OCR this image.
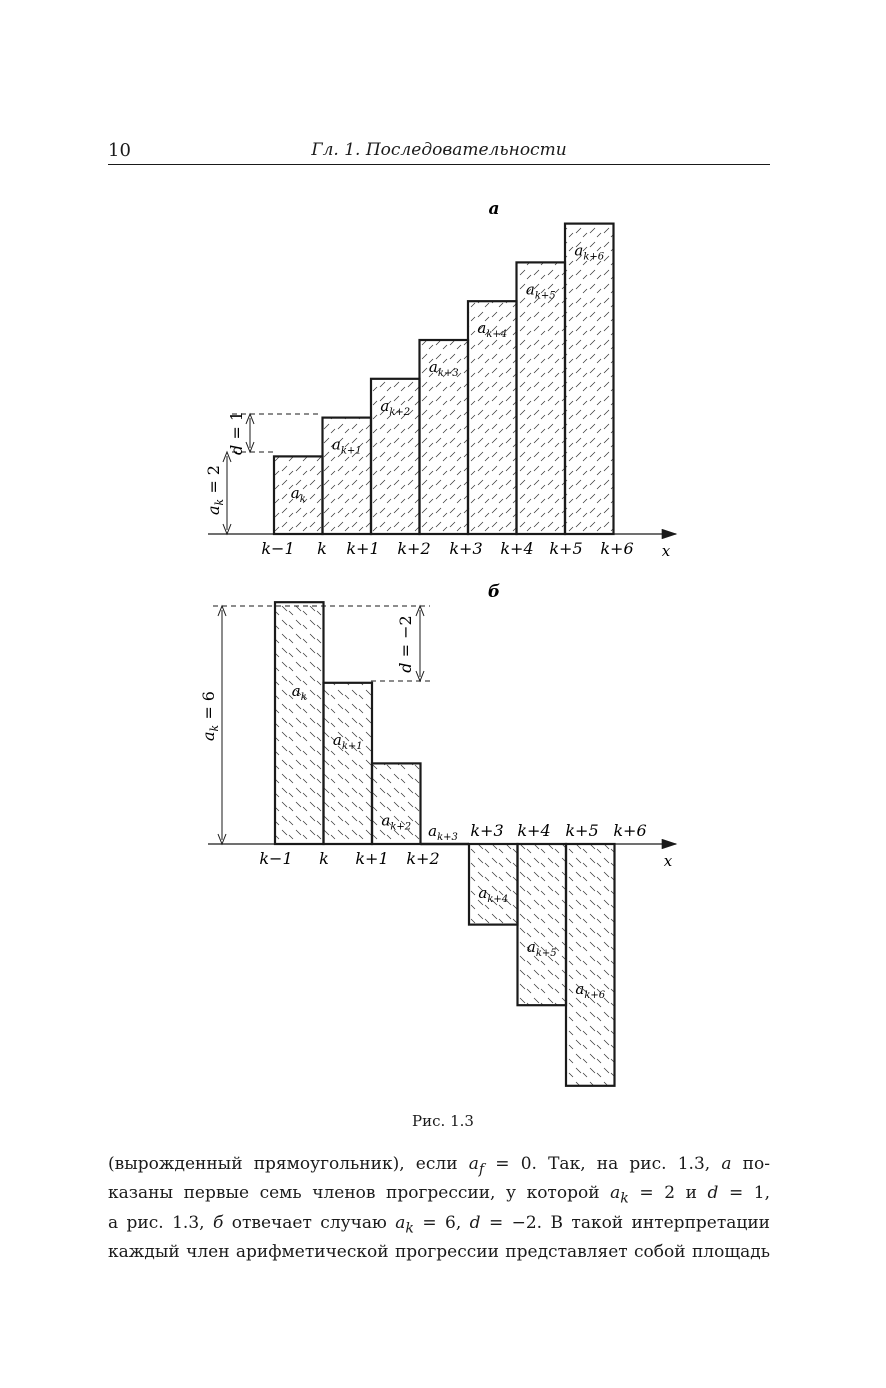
10	Гл. 1. Последовательности
а
$a_k$
$a_{k+1}$
$a_{k+2}$
$a_{k+3}$
$a_{k+4}$
$a_{k+5}$
$a_{k+6}$
k−1 k k+1 k+2 k+3 k+4 k+5 k+6 x
$a_k = 2$
d = 1
б
$a_k$
$a_{k+1}$
$a_{k+2}$ $a_{k+3}$
$a_{k+4}$
$a_{k+5}$
$a_{k+6}$
k−1 k k+1 k+2
k+3 k+4 k+5 k+6
x
$a_k = 6$
d = −2
Рис. 1.3
(вырожденный прямоугольник), если $a_f = 0$. Так, на рис. 1.3, а по-
казаны первые семь членов прогрессии, у которой $a_k = 2$ и d = 1,
а рис. 1.3, б отвечает случаю $a_k = 6$, d = −2. В такой интерпретации
каждый член арифметической прогрессии представляет собой площадь
